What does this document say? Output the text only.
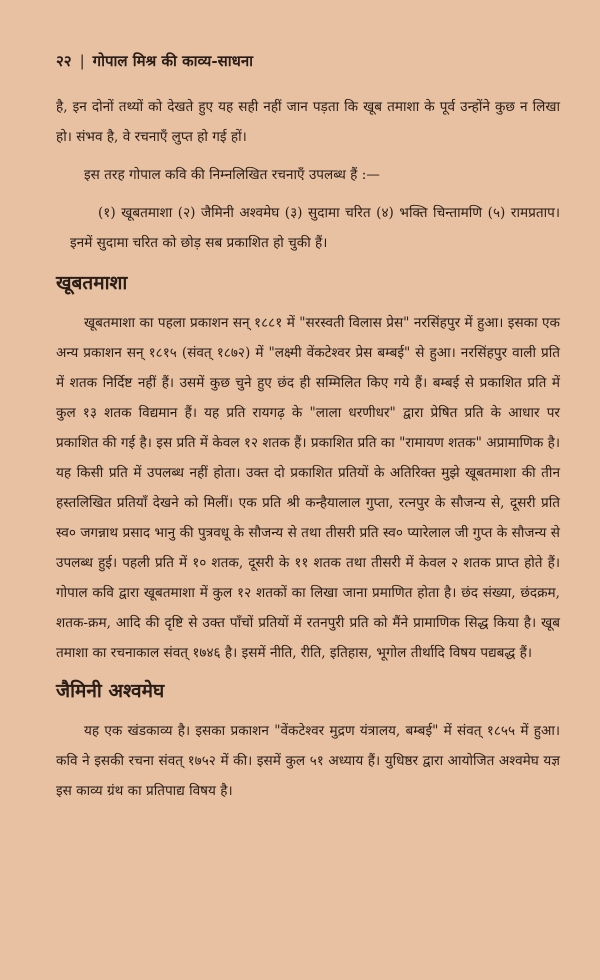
२२ | गोपाल मिश्र की काव्य-साधना

है, इन दोनों तथ्यों को देखते हुए यह सही नहीं जान पड़ता कि खूब तमाशा के पूर्व उन्होंने कुछ न लिखा हो। संभव है, वे रचनाएँ लुप्त हो गई हों।

इस तरह गोपाल कवि की निम्नलिखित रचनाएँ उपलब्ध हैं :—

(१) खूबतमाशा (२) जैमिनी अश्वमेघ (३) सुदामा चरित (४) भक्ति चिन्तामणि (५) रामप्रताप। इनमें सुदामा चरित को छोड़ सब प्रकाशित हो चुकी हैं।

खूबतमाशा

खूबतमाशा का पहला प्रकाशन सन् १८८१ में "सरस्वती विलास प्रेस" नरसिंहपुर में हुआ। इसका एक अन्य प्रकाशन सन् १८१५ (संवत् १८७२) में "लक्ष्मी वेंकटेश्वर प्रेस बम्बई" से हुआ। नरसिंहपुर वाली प्रति में शतक निर्दिष्ट नहीं हैं। उसमें कुछ चुने हुए छंद ही सम्मिलित किए गये हैं। बम्बई से प्रकाशित प्रति में कुल १३ शतक विद्यमान हैं। यह प्रति रायगढ़ के "लाला धरणीधर" द्वारा प्रेषित प्रति के आधार पर प्रकाशित की गई है। इस प्रति में केवल १२ शतक हैं। प्रकाशित प्रति का "रामायण शतक" अप्रामाणिक है। यह किसी प्रति में उपलब्ध नहीं होता। उक्त दो प्रकाशित प्रतियों के अतिरिक्त मुझे खूबतमाशा की तीन हस्तलिखित प्रतियाँ देखने को मिलीं। एक प्रति श्री कन्हैयालाल गुप्ता, रत्नपुर के सौजन्य से, दूसरी प्रति स्व० जगन्नाथ प्रसाद भानु की पुत्रवधू के सौजन्य से तथा तीसरी प्रति स्व० प्यारेलाल जी गुप्त के सौजन्य से उपलब्ध हुई। पहली प्रति में १० शतक, दूसरी के ११ शतक तथा तीसरी में केवल २ शतक प्राप्त होते हैं। गोपाल कवि द्वारा खूबतमाशा में कुल १२ शतकों का लिखा जाना प्रमाणित होता है। छंद संख्या, छंदक्रम, शतक-क्रम, आदि की दृष्टि से उक्त पाँचों प्रतियों में रतनपुरी प्रति को मैंने प्रामाणिक सिद्ध किया है। खूब तमाशा का रचनाकाल संवत् १७४६ है। इसमें नीति, रीति, इतिहास, भूगोल तीर्थादि विषय पद्यबद्ध हैं।

जैमिनी अश्वमेघ

यह एक खंडकाव्य है। इसका प्रकाशन "वेंकटेश्वर मुद्रण यंत्रालय, बम्बई" में संवत् १८५५ में हुआ। कवि ने इसकी रचना संवत् १७५२ में की। इसमें कुल ५१ अध्याय हैं। युधिष्ठर द्वारा आयोजित अश्वमेघ यज्ञ इस काव्य ग्रंथ का प्रतिपाद्य विषय है।
